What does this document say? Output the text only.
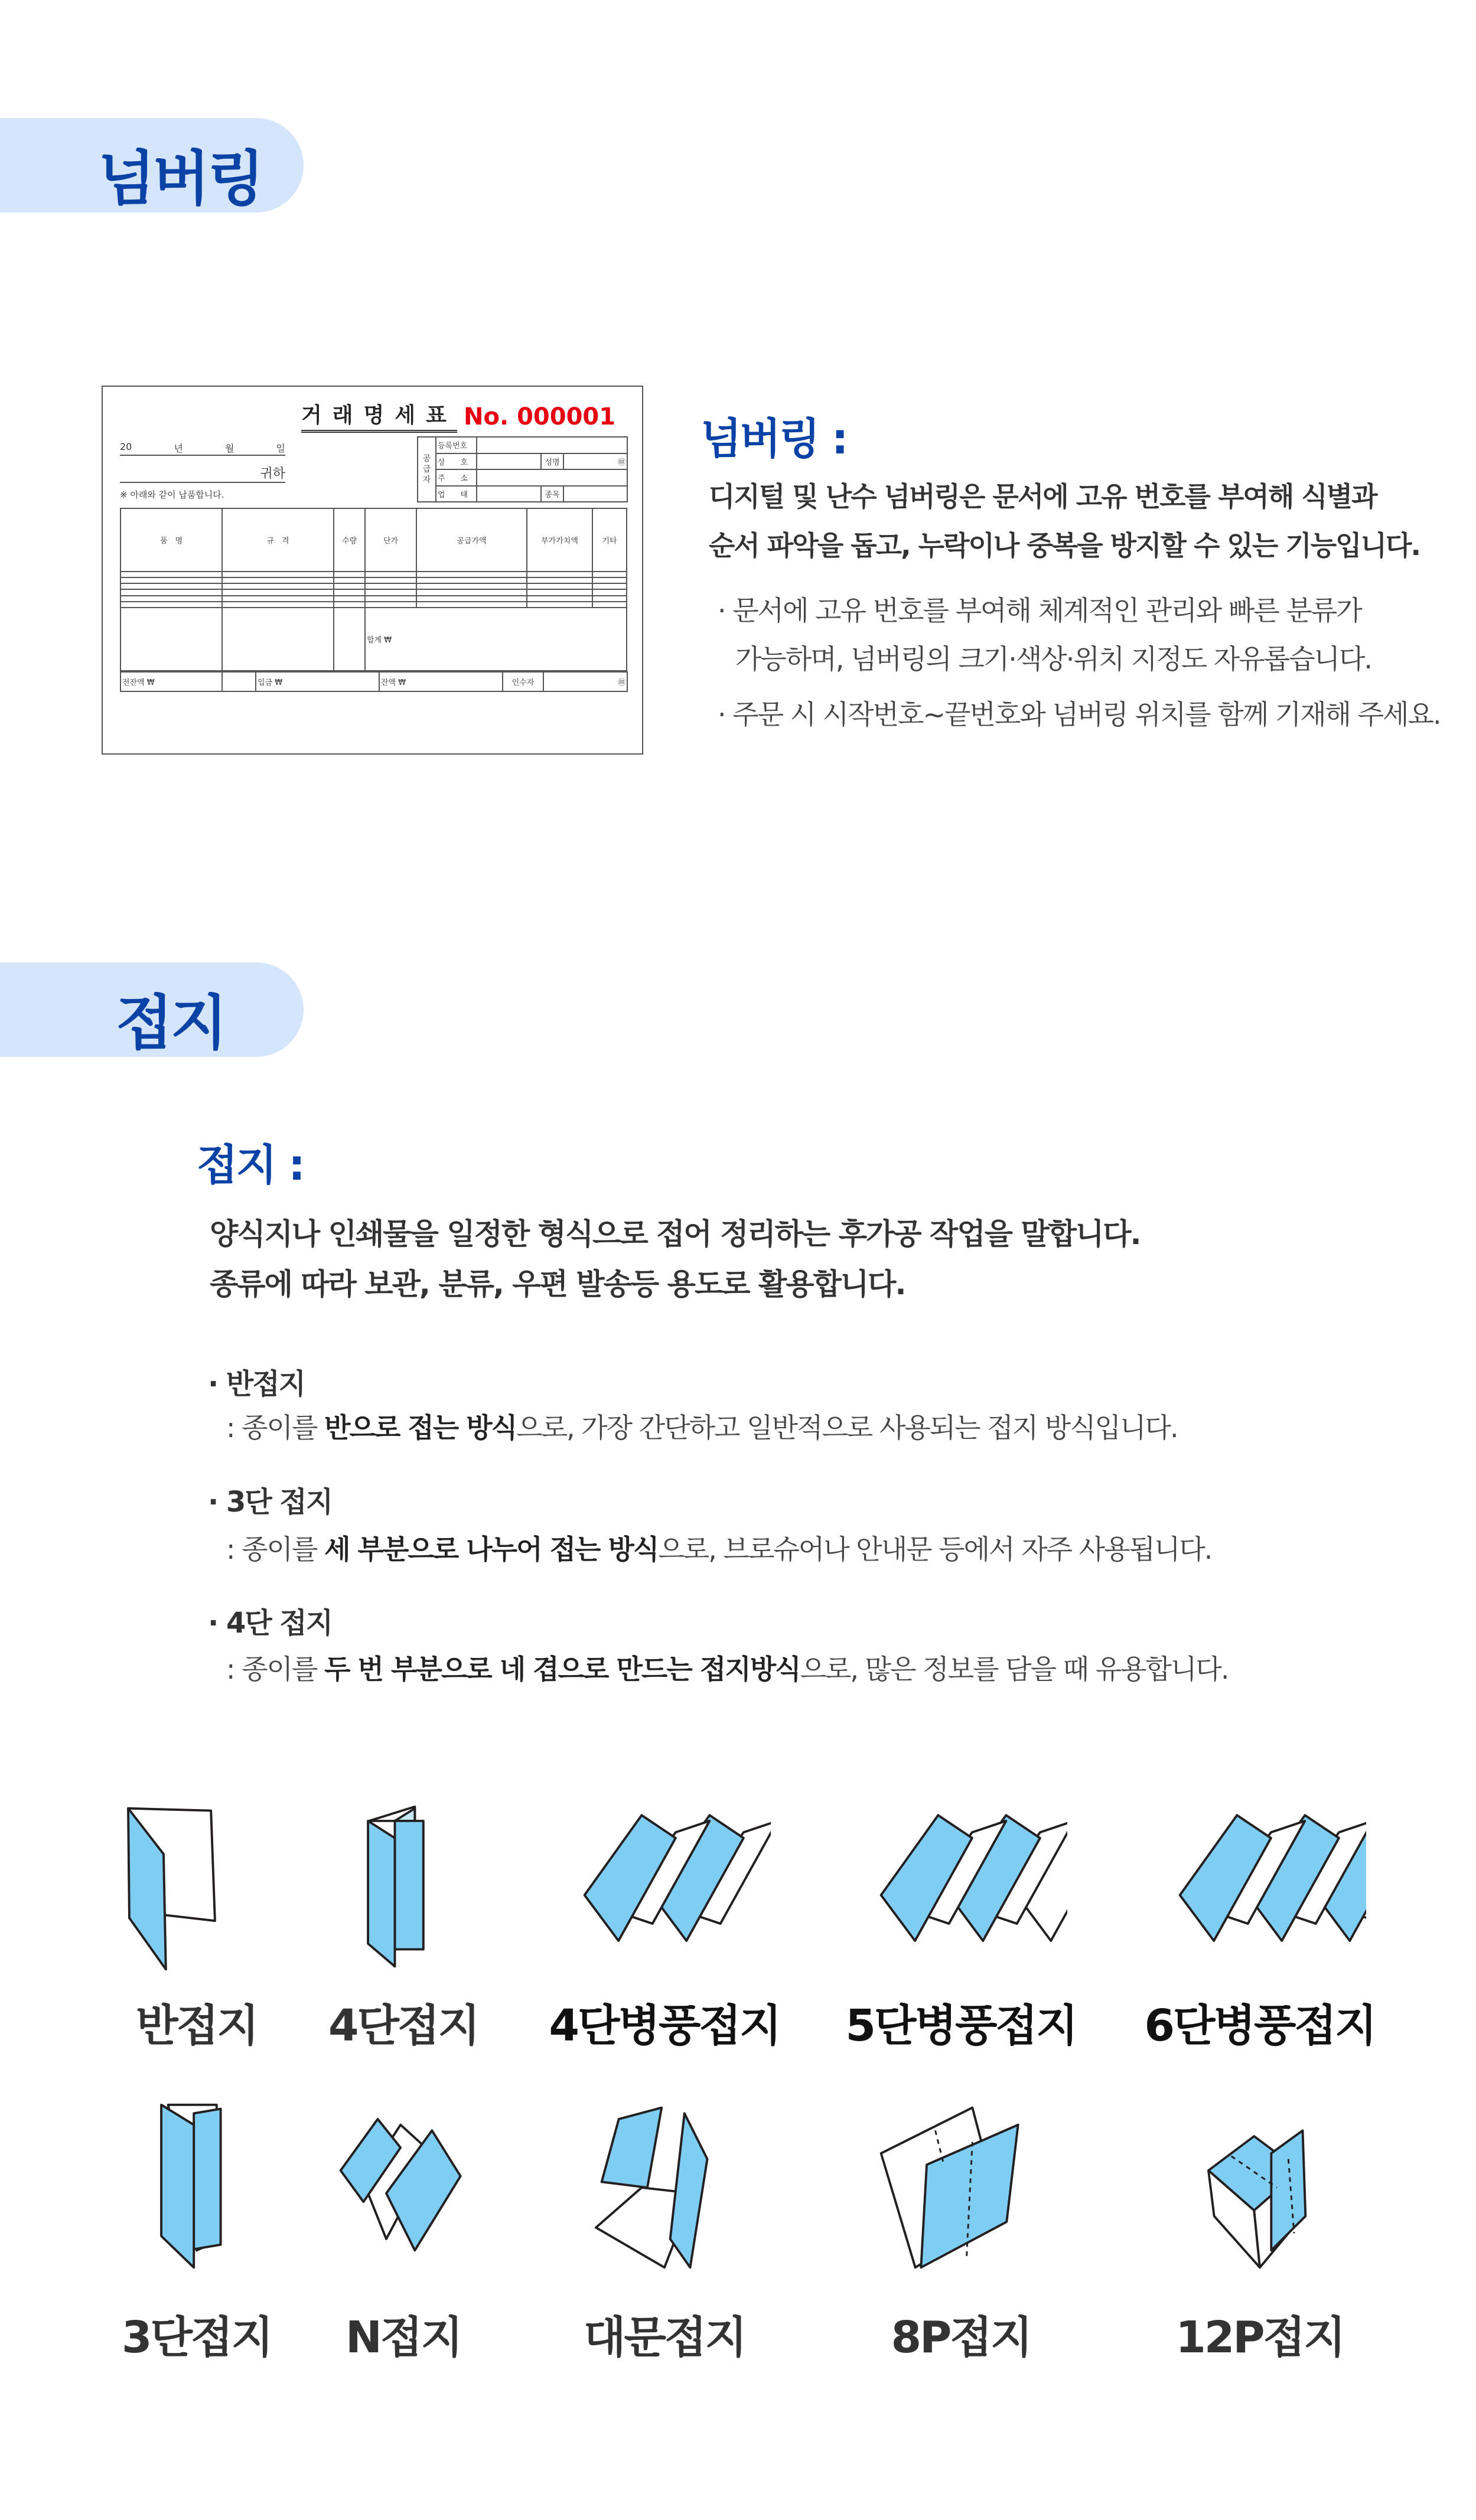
넘버링
거래명세표 No. 000001
20	년	월	일
귀하
※ 아래와 같이 납품합니다.
공급자	등록번호			
	상　　호		성명	㊞
	주　　소			
	업　　태		종목	
품　명	규　격	수량	단가	공급가액	부가가치액	기타

			합계 ₩			
전잔액 ₩		입금 ₩	잔액 ₩	인수자	㊞
넘버링 :
디지털 및 난수 넘버링은 문서에 고유 번호를 부여해 식별과
순서 파악을 돕고, 누락이나 중복을 방지할 수 있는 기능입니다.
· 문서에 고유 번호를 부여해 체계적인 관리와 빠른 분류가
가능하며, 넘버링의 크기·색상·위치 지정도 자유롭습니다.
· 주문 시 시작번호~끝번호와 넘버링 위치를 함께 기재해 주세요.
접지
접지 :
양식지나 인쇄물을 일정한 형식으로 접어 정리하는 후가공 작업을 말합니다.
종류에 따라 보관, 분류, 우편 발송등 용도로 활용합니다.
· 반접지
: 종이를 반으로 접는 방식으로, 가장 간단하고 일반적으로 사용되는 접지 방식입니다.
· 3단 접지
: 종이를 세 부분으로 나누어 접는 방식으로, 브로슈어나 안내문 등에서 자주 사용됩니다.
· 4단 접지
: 종이를 두 번 부분으로 네 겹으로 만드는 접지방식으로, 많은 정보를 담을 때 유용합니다.
반접지	4단접지	4단병풍접지	5단병풍접지	6단병풍접지
3단접지	N접지	대문접지	8P접지	12P접지
